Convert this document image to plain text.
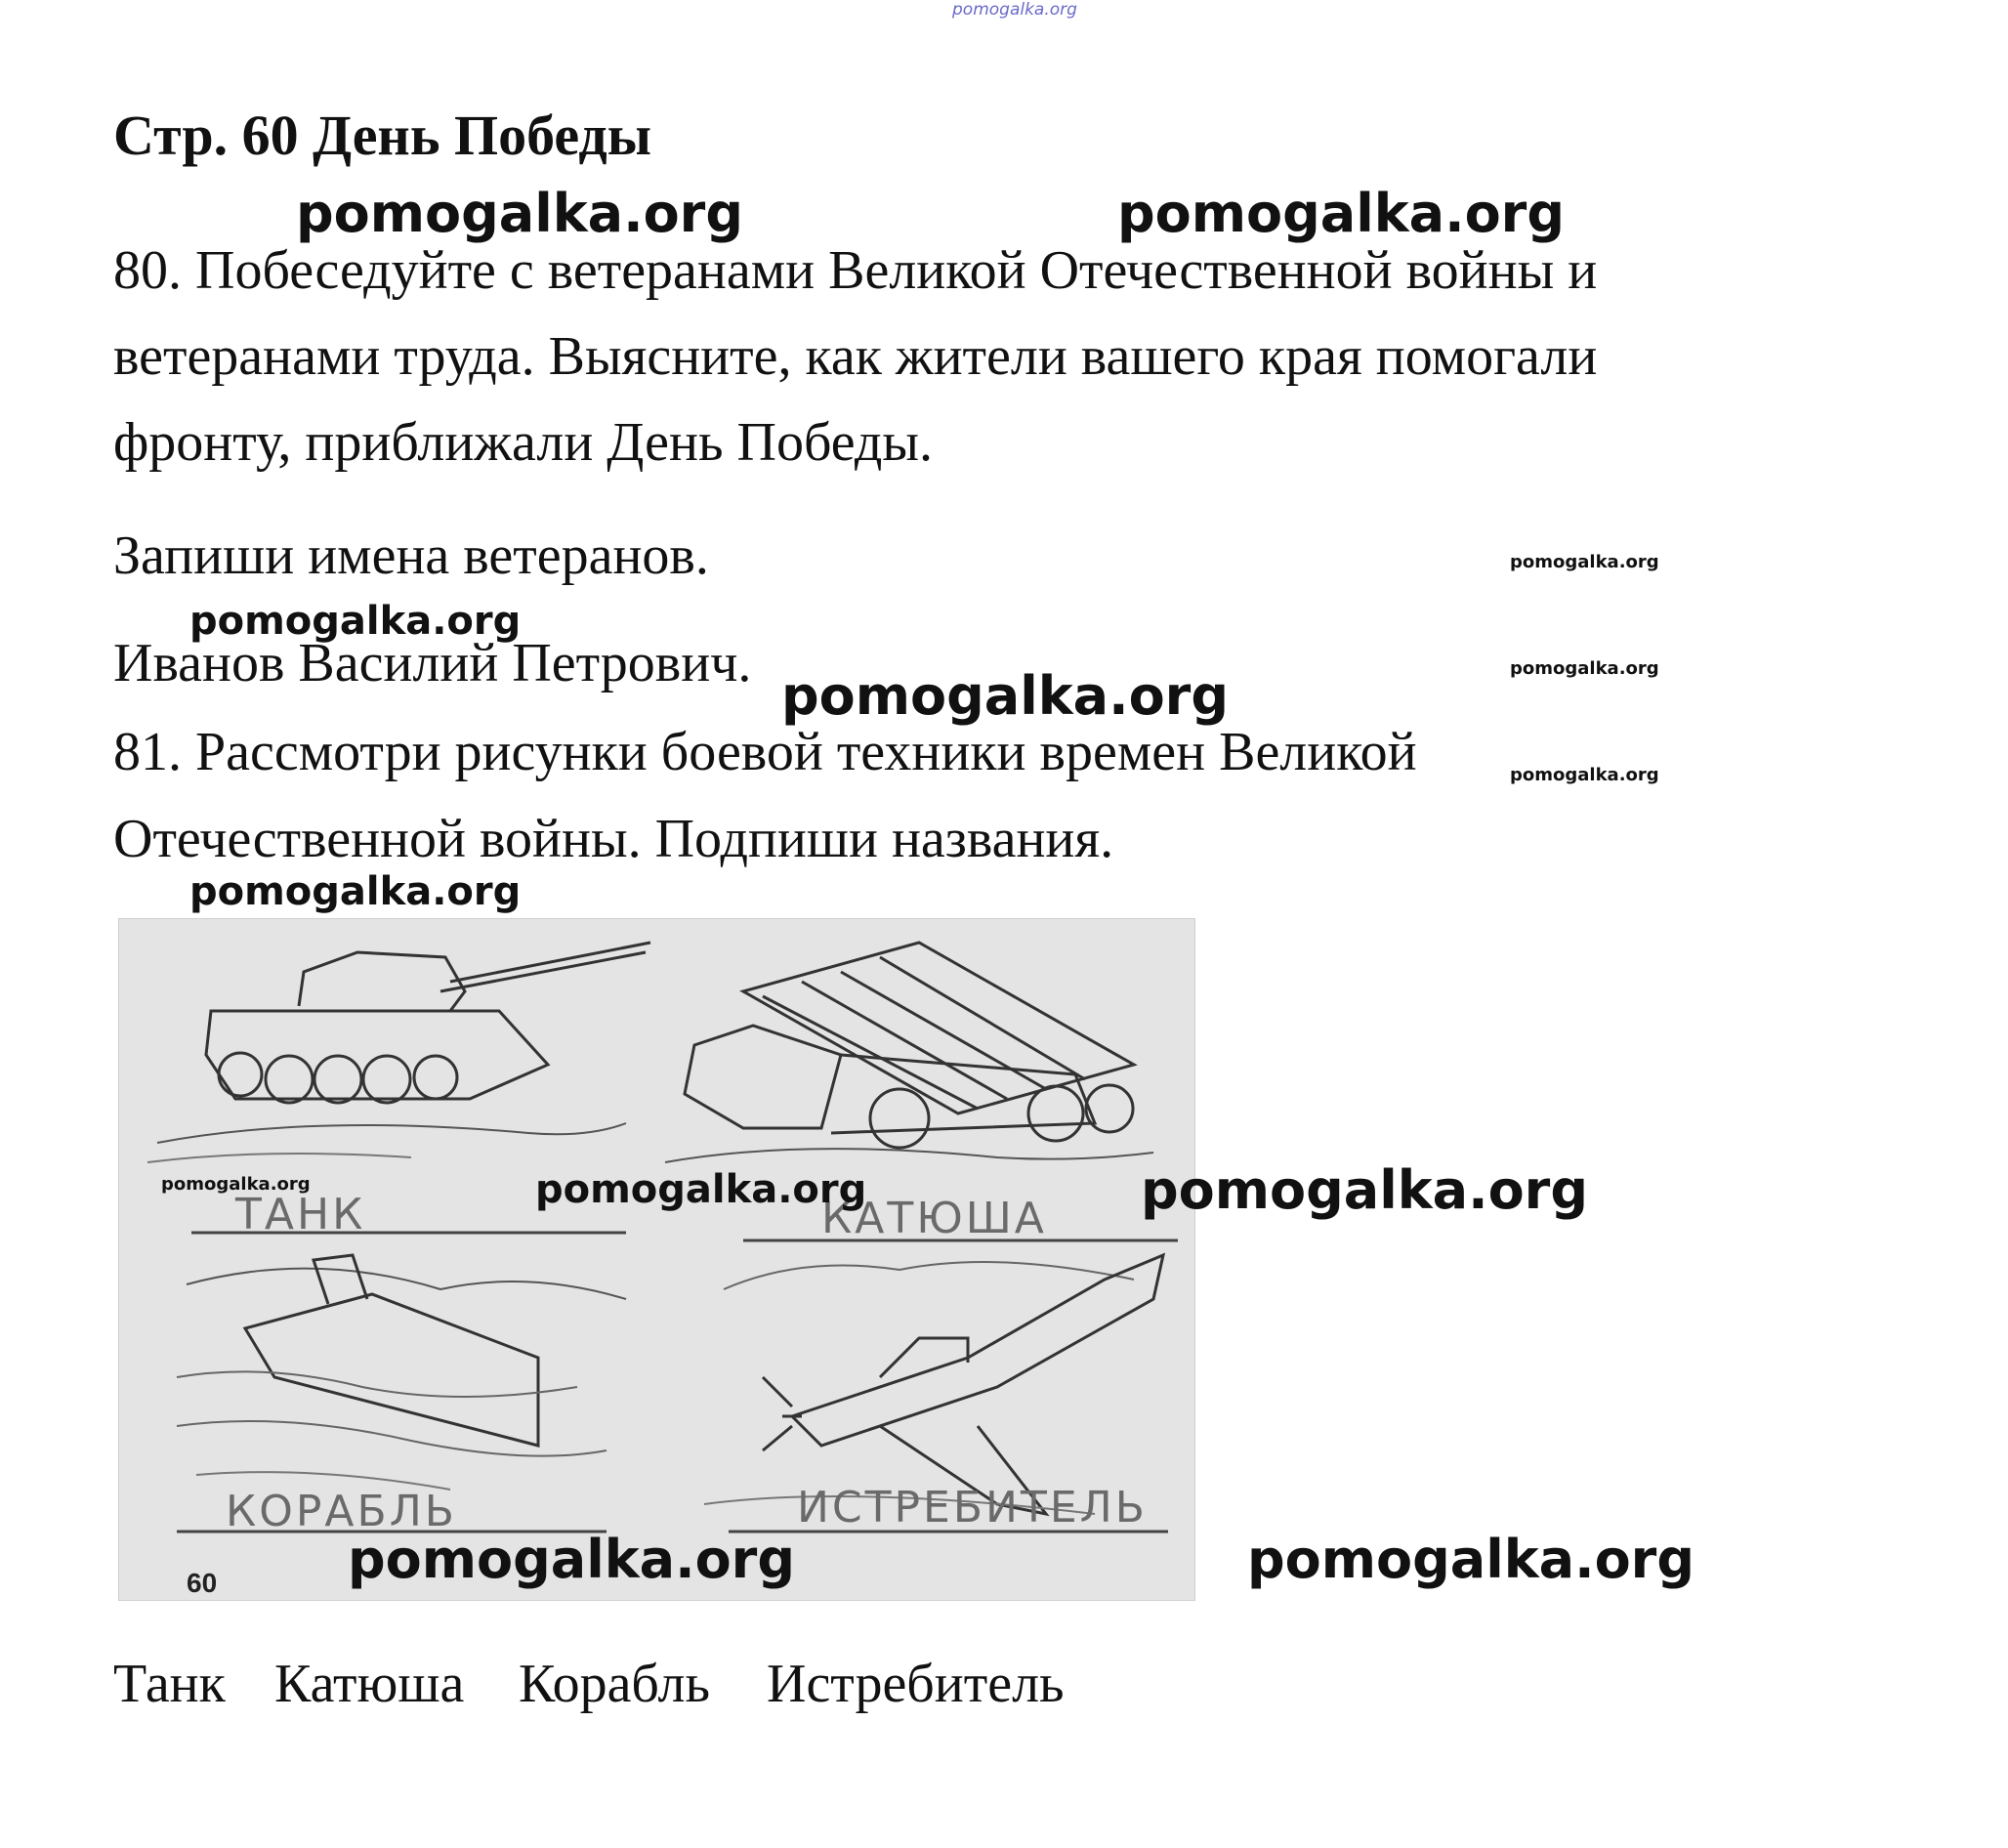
pomogalka.org
Стр. 60 День Победы
pomogalka.org	pomogalka.org
80. Побеседуйте с ветеранами Великой Отечественной войны и
ветеранами труда. Выясните, как жители вашего края помогали
фронту, приближали День Победы.
Запиши имена ветеранов.	pomogalka.org
pomogalka.org
Иванов Василий Петрович.
pomogalka.org	pomogalka.org
81. Рассмотри рисунки боевой техники времен Великой	pomogalka.org
Отечественной войны. Подпиши названия.
pomogalka.org
ТАНК	КАТЮША
КОРАБЛЬ	ИСТРЕБИТЕЛЬ
60
pomogalka.org	pomogalka.org	pomogalka.org
pomogalka.org	pomogalka.org
Танк Катюша Корабль Истребитель
